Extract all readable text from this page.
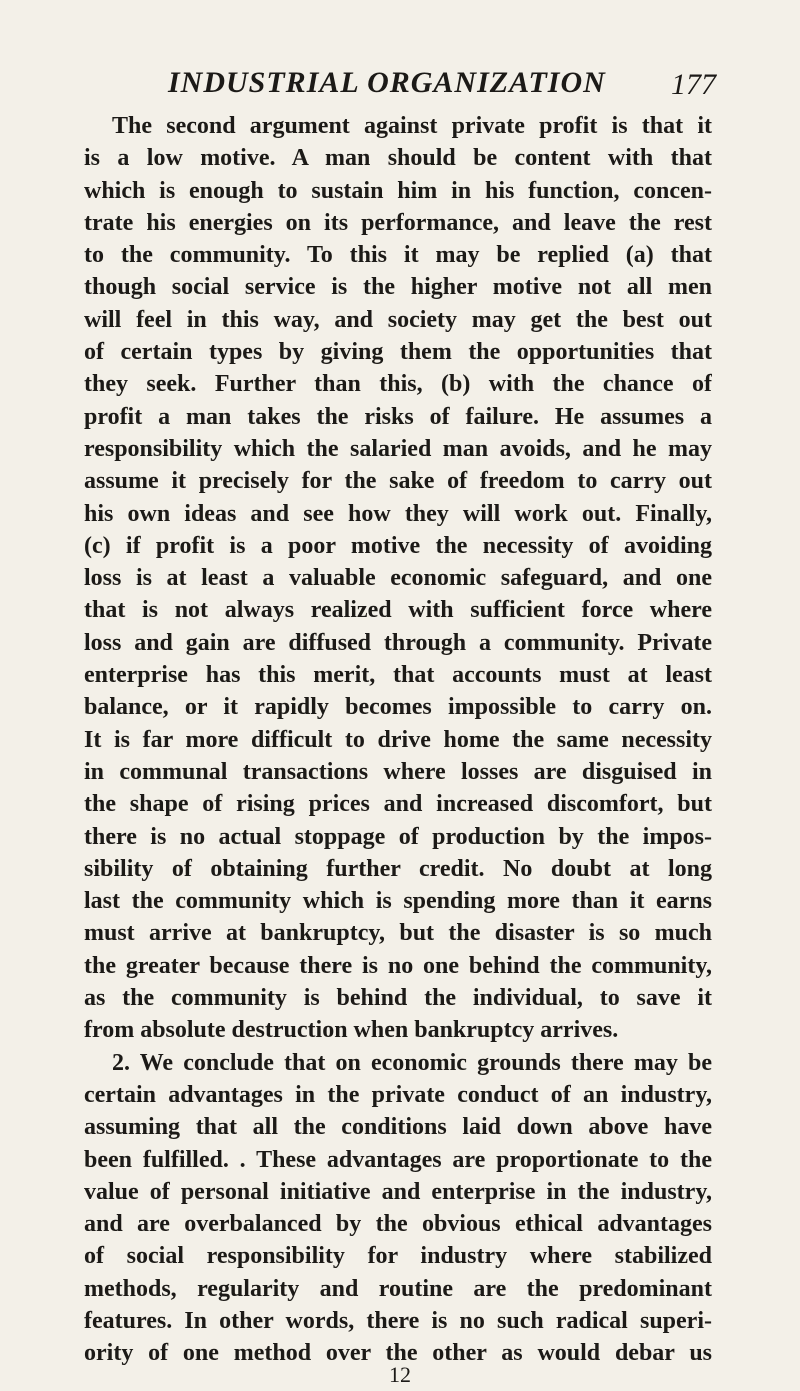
INDUSTRIAL ORGANIZATION 177
The second argument against private profit is that it
is a low motive. A man should be content with that
which is enough to sustain him in his function, concen-
trate his energies on its performance, and leave the rest
to the community. To this it may be replied (a) that
though social service is the higher motive not all men
will feel in this way, and society may get the best out
of certain types by giving them the opportunities that
they seek. Further than this, (b) with the chance of
profit a man takes the risks of failure. He assumes a
responsibility which the salaried man avoids, and he may
assume it precisely for the sake of freedom to carry out
his own ideas and see how they will work out. Finally,
(c) if profit is a poor motive the necessity of avoiding
loss is at least a valuable economic safeguard, and one
that is not always realized with sufficient force where
loss and gain are diffused through a community. Private
enterprise has this merit, that accounts must at least
balance, or it rapidly becomes impossible to carry on.
It is far more difficult to drive home the same necessity
in communal transactions where losses are disguised in
the shape of rising prices and increased discomfort, but
there is no actual stoppage of production by the impos-
sibility of obtaining further credit. No doubt at long
last the community which is spending more than it earns
must arrive at bankruptcy, but the disaster is so much
the greater because there is no one behind the community,
as the community is behind the individual, to save it
from absolute destruction when bankruptcy arrives.
2. We conclude that on economic grounds there may be
certain advantages in the private conduct of an industry,
assuming that all the conditions laid down above have
been fulfilled. . These advantages are proportionate to the
value of personal initiative and enterprise in the industry,
and are overbalanced by the obvious ethical advantages
of social responsibility for industry where stabilized
methods, regularity and routine are the predominant
features. In other words, there is no such radical superi-
ority of one method over the other as would debar us
12
